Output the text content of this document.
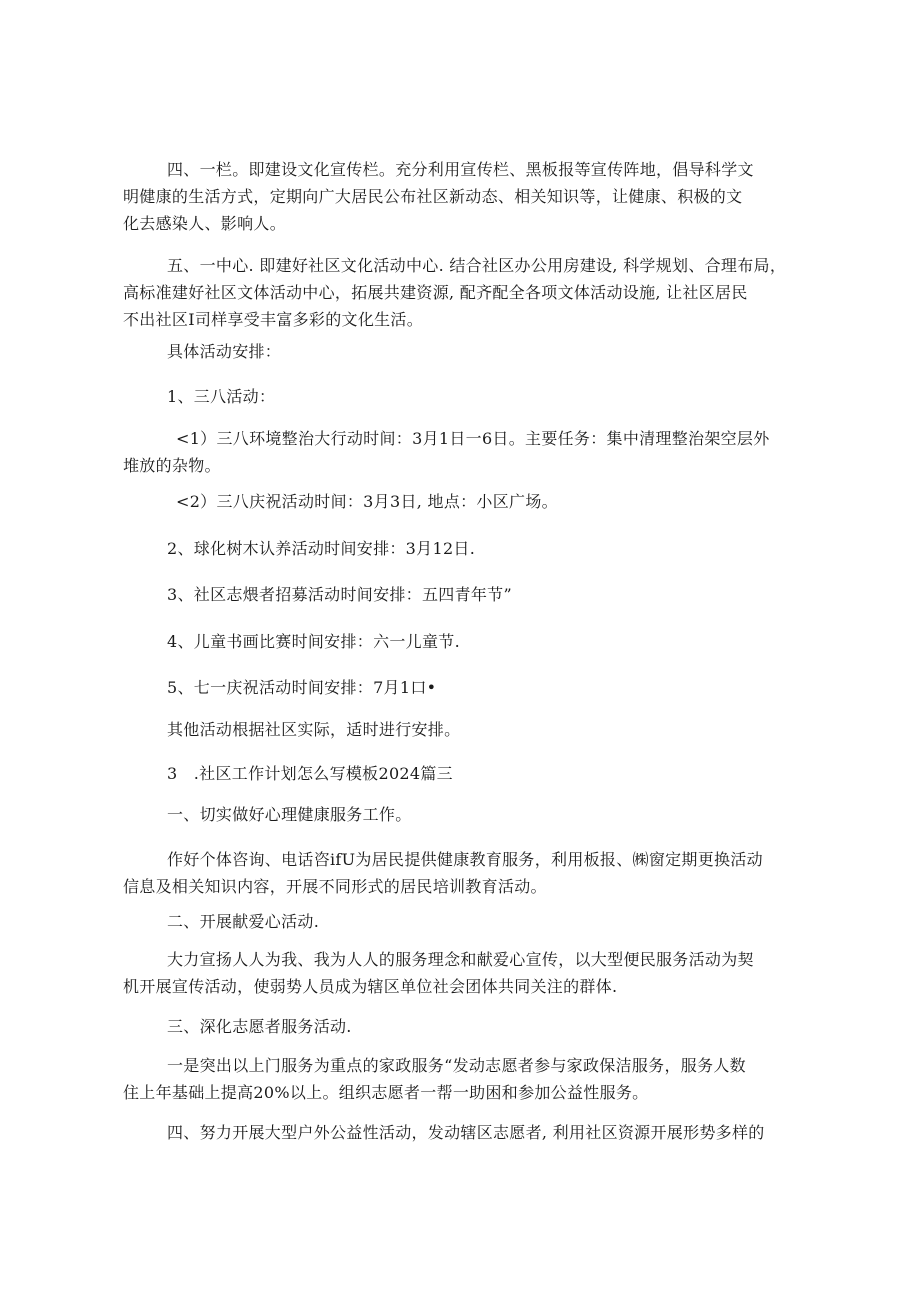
四、一栏。即建设文化宣传栏。充分利用宣传栏、黑板报等宣传阵地，倡导科学文
明健康的生活方式，定期向广大居民公布社区新动态、相关知识等，让健康、积极的文
化去感染人、影响人。
五、一中心. 即建好社区文化活动中心. 结合社区办公用房建设, 科学规划、合理布局，
高标准建好社区文体活动中心，拓展共建资源, 配齐配全各项文体活动设施, 让社区居民
不出社区I司样享受丰富多彩的文化生活。
具体活动安排：
1、三八活动：
<1）三八环境整治大行动时间：3月1日一6日。主要任务：集中清理整治架空层外
堆放的杂物。
<2）三八庆祝活动时间：3月3日, 地点：小区广场。
2、球化树木认养活动时间安排：3月12日.
3、社区志煨者招募活动时间安排：五四青年节”
4、儿童书画比赛时间安排：六一儿童节.
5、七一庆祝活动时间安排：7月1口•
其他活动根据社区实际，适时进行安排。
3　.社区工作计划怎么写模板2024篇三
一、切实做好心理健康服务工作。
作好个体咨询、电话咨ifU为居民提供健康教育服务，利用板报、㈱窗定期更换活动
信息及相关知识内容，开展不同形式的居民培训教育活动。
二、开展献爱心活动.
大力宣扬人人为我、我为人人的服务理念和献爱心宣传，以大型便民服务活动为契
机开展宣传活动，使弱势人员成为辖区单位社会团体共同关注的群体.
三、深化志愿者服务活动.
一是突出以上门服务为重点的家政服务“发动志愿者参与家政保洁服务，服务人数
住上年基础上提高20%以上。组织志愿者一帮一助困和参加公益性服务。
四、努力开展大型户外公益性活动，发动辖区志愿者, 利用社区资源开展形势多样的
